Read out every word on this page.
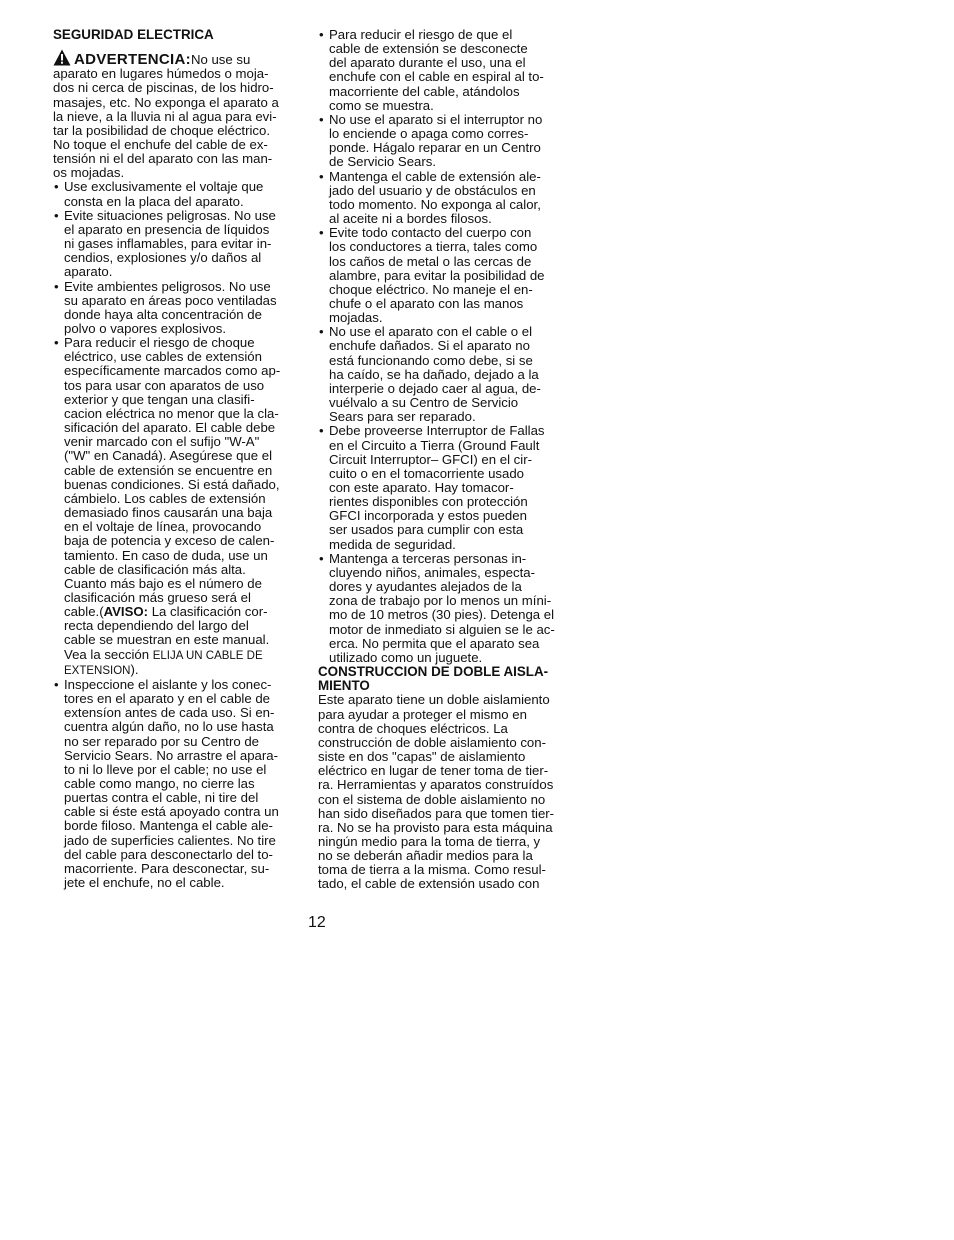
SEGURIDAD ELECTRICA
ADVERTENCIA: No use su
aparato en lugares húmedos o moja-
dos ni cerca de piscinas, de los hidro-
masajes, etc. No exponga el aparato a
la nieve, a la lluvia ni al agua para evi-
tar la posibilidad de choque eléctrico.
No toque el enchufe del cable de ex-
tensión ni el del aparato con las man-
os mojadas.
• Use exclusivamente el voltaje que
consta en la placa del aparato.
• Evite situaciones peligrosas. No use
el aparato en presencia de líquidos
ni gases inflamables, para evitar in-
cendios, explosiones y/o daños al
aparato.
• Evite ambientes peligrosos. No use
su aparato en áreas poco ventiladas
donde haya alta concentración de
polvo o vapores explosivos.
• Para reducir el riesgo de choque
eléctrico, use cables de extensión
específicamente marcados como ap-
tos para usar con aparatos de uso
exterior y que tengan una clasifi-
cacion eléctrica no menor que la cla-
sificación del aparato. El cable debe
venir marcado con el sufijo "W-A"
("W" en Canadá). Asegúrese que el
cable de extensión se encuentre en
buenas condiciones. Si está dañado,
cámbielo. Los cables de extensión
demasiado finos causarán una baja
en el voltaje de línea, provocando
baja de potencia y exceso de calen-
tamiento. En caso de duda, use un
cable de clasificación más alta.
Cuanto más bajo es el número de
clasificación más grueso será el
cable.(AVISO: La clasificación cor-
recta dependiendo del largo del
cable se muestran en este manual.
Vea la sección ELIJA UN CABLE DE
EXTENSION).
• Inspeccione el aislante y los conec-
tores en el aparato y en el cable de
extensíon antes de cada uso. Si en-
cuentra algún daño, no lo use hasta
no ser reparado por su Centro de
Servicio Sears. No arrastre el apara-
to ni lo lleve por el cable; no use el
cable como mango, no cierre las
puertas contra el cable, ni tire del
cable si éste está apoyado contra un
borde filoso. Mantenga el cable ale-
jado de superficies calientes. No tire
del cable para desconectarlo del to-
macorriente. Para desconectar, su-
jete el enchufe, no el cable.
• Para reducir el riesgo de que el
cable de extensión se desconecte
del aparato durante el uso, una el
enchufe con el cable en espiral al to-
macorriente del cable, atándolos
como se muestra.
• No use el aparato si el interruptor no
lo enciende o apaga como corres-
ponde. Hágalo reparar en un Centro
de Servicio Sears.
• Mantenga el cable de extensión ale-
jado del usuario y de obstáculos en
todo momento. No exponga al calor,
al aceite ni a bordes filosos.
• Evite todo contacto del cuerpo con
los conductores a tierra, tales como
los caños de metal o las cercas de
alambre, para evitar la posibilidad de
choque eléctrico. No maneje el en-
chufe o el aparato con las manos
mojadas.
• No use el aparato con el cable o el
enchufe dañados. Si el aparato no
está funcionando como debe, si se
ha caído, se ha dañado, dejado a la
interperie o dejado caer al agua, de-
vuélvalo a su Centro de Servicio
Sears para ser reparado.
• Debe proveerse Interruptor de Fallas
en el Circuito a Tierra (Ground Fault
Circuit Interruptor– GFCI) en el cir-
cuito o en el tomacorriente usado
con este aparato. Hay tomacor-
rientes disponibles con protección
GFCI incorporada y estos pueden
ser usados para cumplir con esta
medida de seguridad.
• Mantenga a terceras personas in-
cluyendo niños, animales, especta-
dores y ayudantes alejados de la
zona de trabajo por lo menos un míni-
mo de 10 metros (30 pies). Detenga el
motor de inmediato si alguien se le ac-
erca. No permita que el aparato sea
utilizado como un juguete.
CONSTRUCCION DE DOBLE AISLA-
MIENTO
Este aparato tiene un doble aislamiento
para ayudar a proteger el mismo en
contra de choques eléctricos. La
construcción de doble aislamiento con-
siste en dos "capas" de aislamiento
eléctrico en lugar de tener toma de tier-
ra. Herramientas y aparatos construídos
con el sistema de doble aislamiento no
han sido diseñados para que tomen tier-
ra. No se ha provisto para esta máquina
ningún medio para la toma de tierra, y
no se deberán añadir medios para la
toma de tierra a la misma. Como resul-
tado, el cable de extensión usado con
12
